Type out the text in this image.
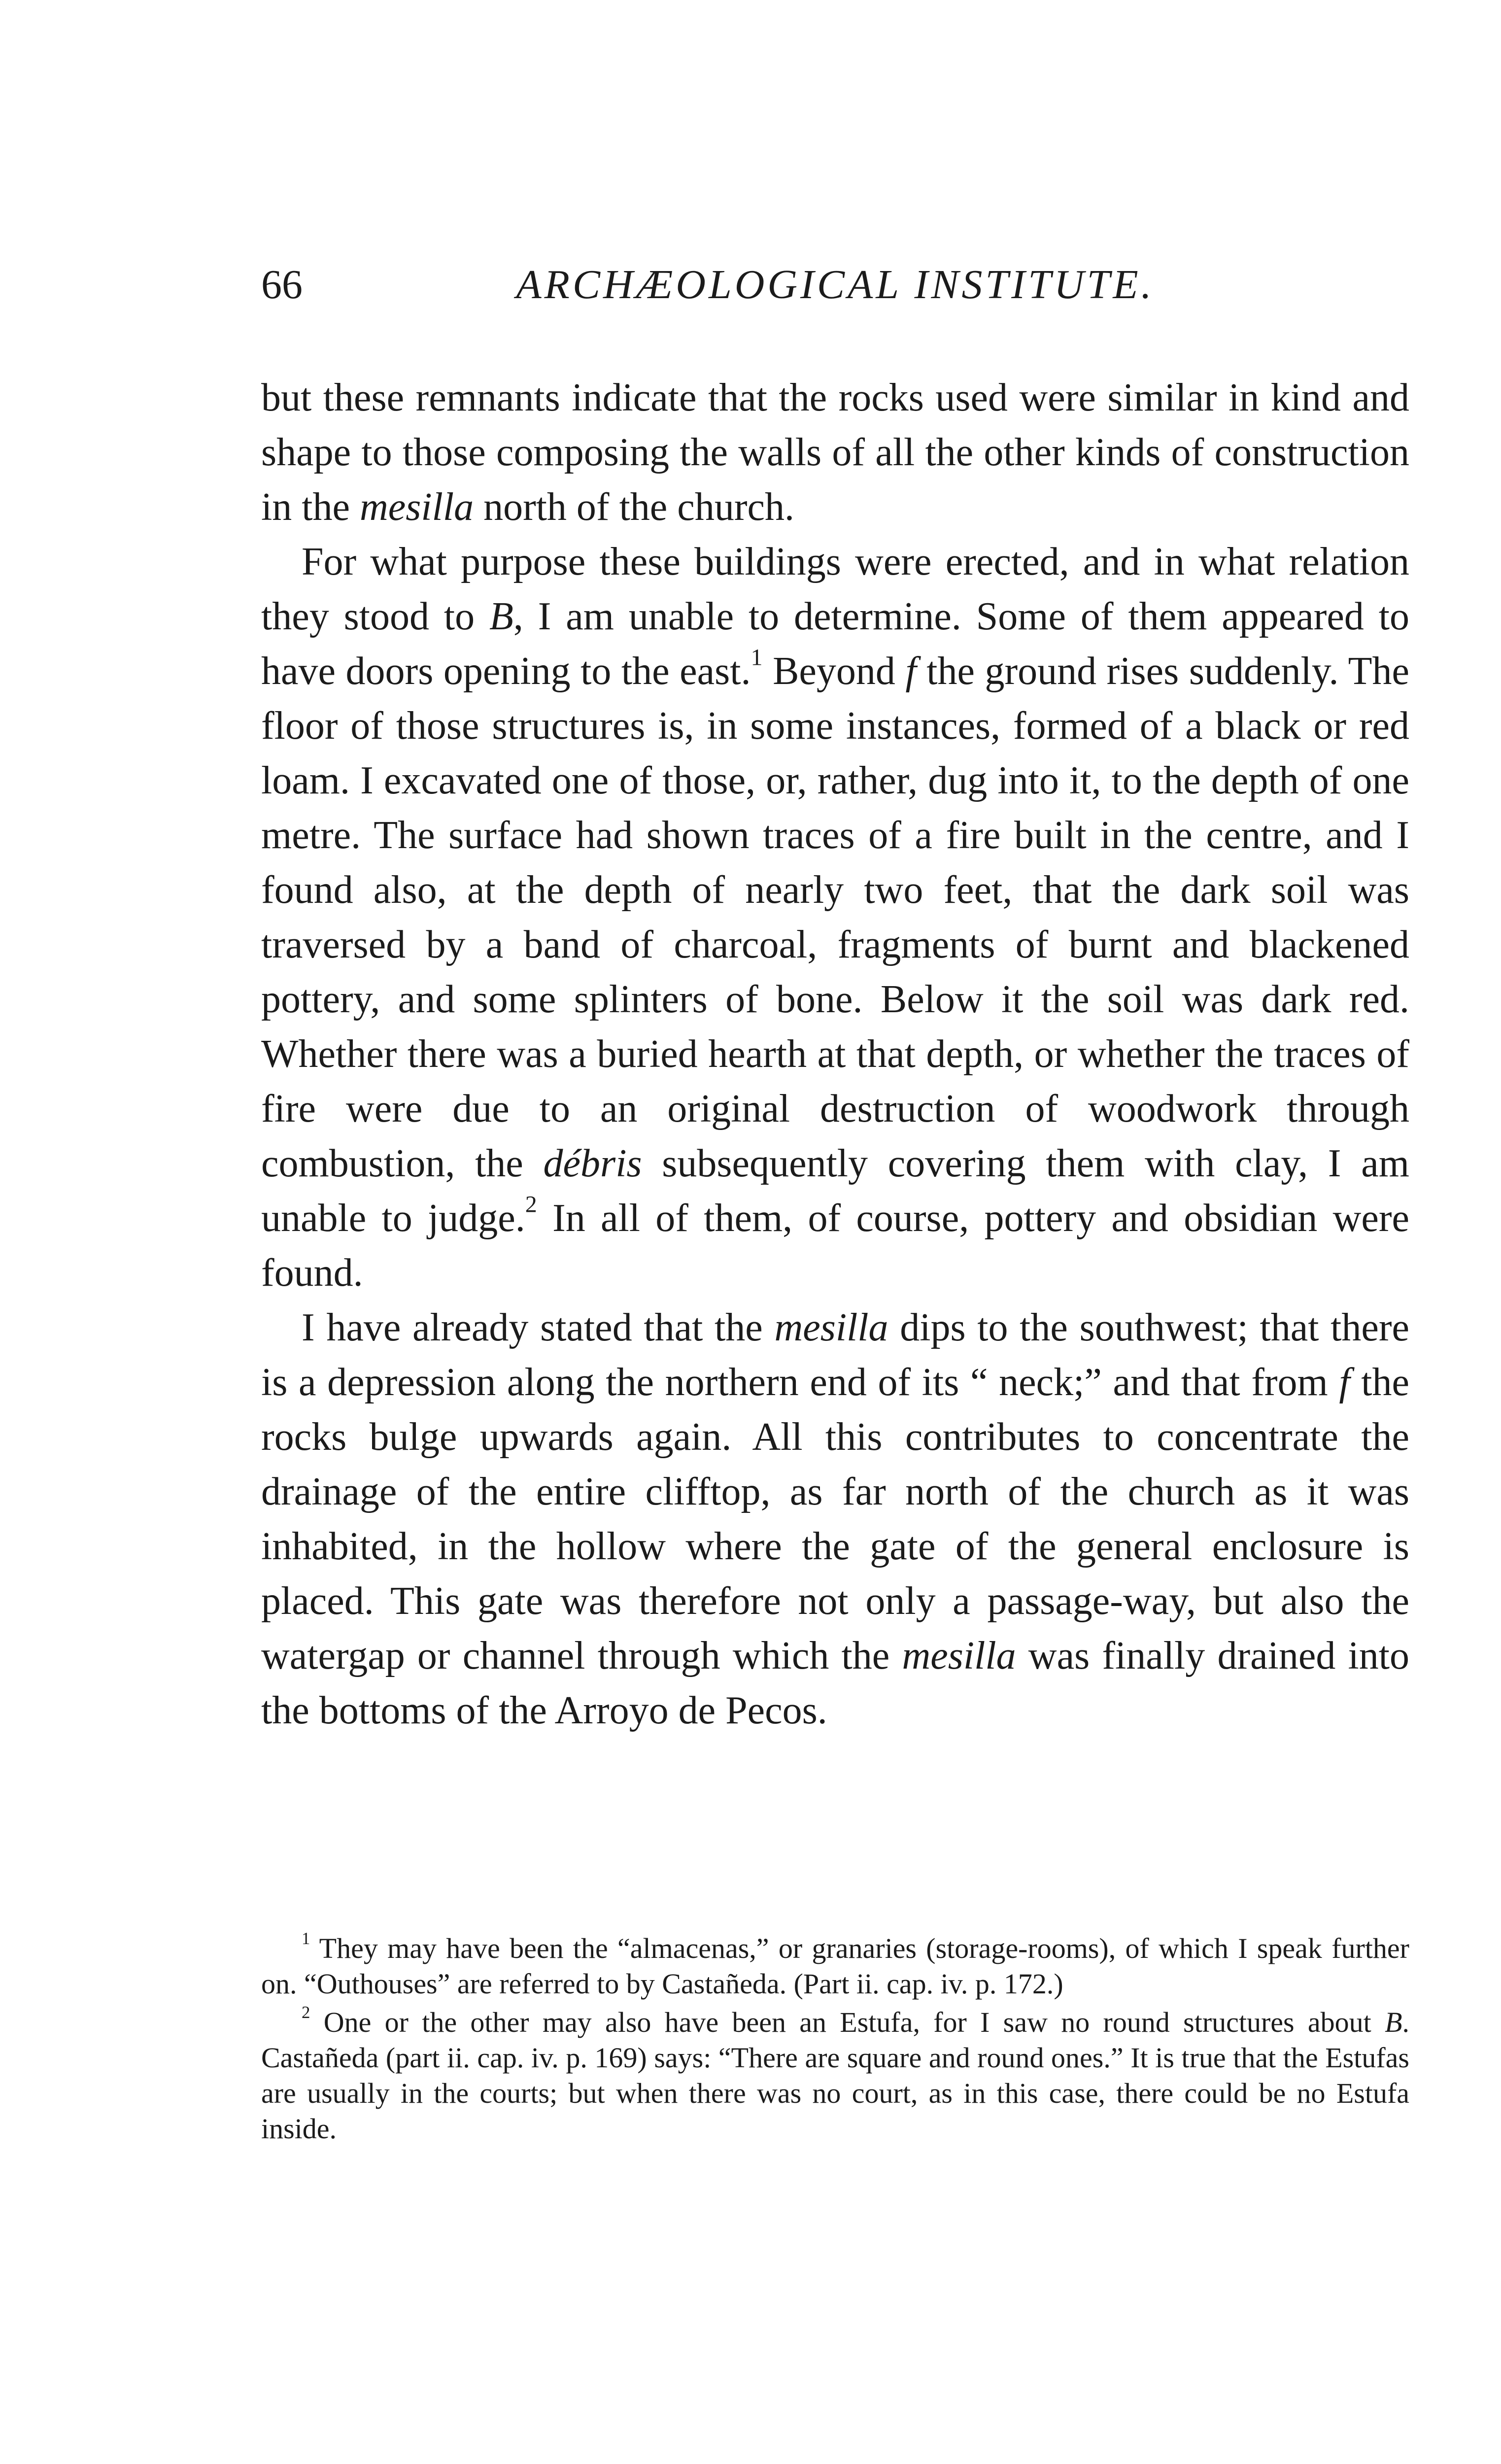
66	ARCHÆOLOGICAL INSTITUTE.

but these remnants indicate that the rocks used were similar in kind and shape to those composing the walls of all the other kinds of construction in the mesilla north of the church.

For what purpose these buildings were erected, and in what relation they stood to B, I am unable to determine. Some of them appeared to have doors opening to the east.$^1$ Beyond f the ground rises suddenly. The floor of those structures is, in some instances, formed of a black or red loam. I excavated one of those, or, rather, dug into it, to the depth of one metre. The surface had shown traces of a fire built in the centre, and I found also, at the depth of nearly two feet, that the dark soil was traversed by a band of charcoal, fragments of burnt and blackened pottery, and some splinters of bone. Below it the soil was dark red. Whether there was a buried hearth at that depth, or whether the traces of fire were due to an original destruction of woodwork through combustion, the débris subsequently covering them with clay, I am unable to judge.$^2$ In all of them, of course, pottery and obsidian were found.

I have already stated that the mesilla dips to the southwest; that there is a depression along the northern end of its “ neck;” and that from f the rocks bulge upwards again. All this contributes to concentrate the drainage of the entire clifftop, as far north of the church as it was inhabited, in the hollow where the gate of the general enclosure is placed. This gate was therefore not only a passage-way, but also the watergap or channel through which the mesilla was finally drained into the bottoms of the Arroyo de Pecos.

$^1$ They may have been the “almacenas,” or granaries (storage-rooms), of which I speak further on. “Outhouses” are referred to by Castañeda. (Part ii. cap. iv. p. 172.)

$^2$ One or the other may also have been an Estufa, for I saw no round structures about B. Castañeda (part ii. cap. iv. p. 169) says: “There are square and round ones.” It is true that the Estufas are usually in the courts; but when there was no court, as in this case, there could be no Estufa inside.
